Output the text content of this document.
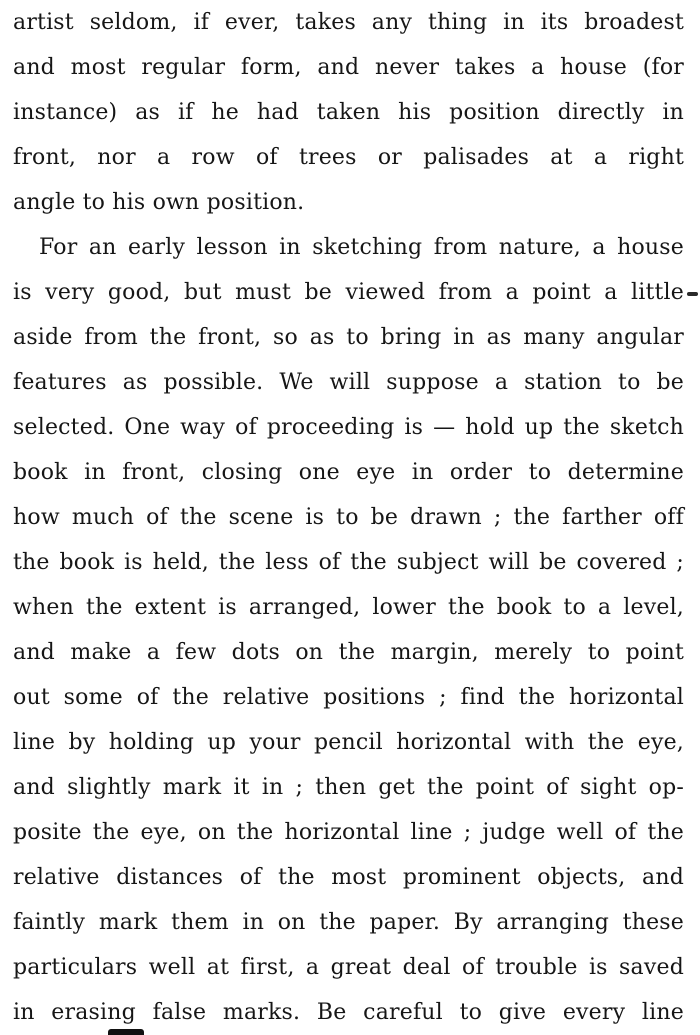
artist seldom, if ever, takes any thing in its broadest
and most regular form, and never takes a house (for
instance) as if he had taken his position directly in
front, nor a row of trees or palisades at a right
angle to his own position.
For an early lesson in sketching from nature, a house
is very good, but must be viewed from a point a little
aside from the front, so as to bring in as many angular
features as possible. We will suppose a station to be
selected. One way of proceeding is — hold up the sketch
book in front, closing one eye in order to determine
how much of the scene is to be drawn ; the farther off
the book is held, the less of the subject will be covered ;
when the extent is arranged, lower the book to a level,
and make a few dots on the margin, merely to point
out some of the relative positions ; find the horizontal
line by holding up your pencil horizontal with the eye,
and slightly mark it in ; then get the point of sight op-
posite the eye, on the horizontal line ; judge well of the
relative distances of the most prominent objects, and
faintly mark them in on the paper. By arranging these
particulars well at first, a great deal of trouble is saved
in erasing false marks. Be careful to give every line
